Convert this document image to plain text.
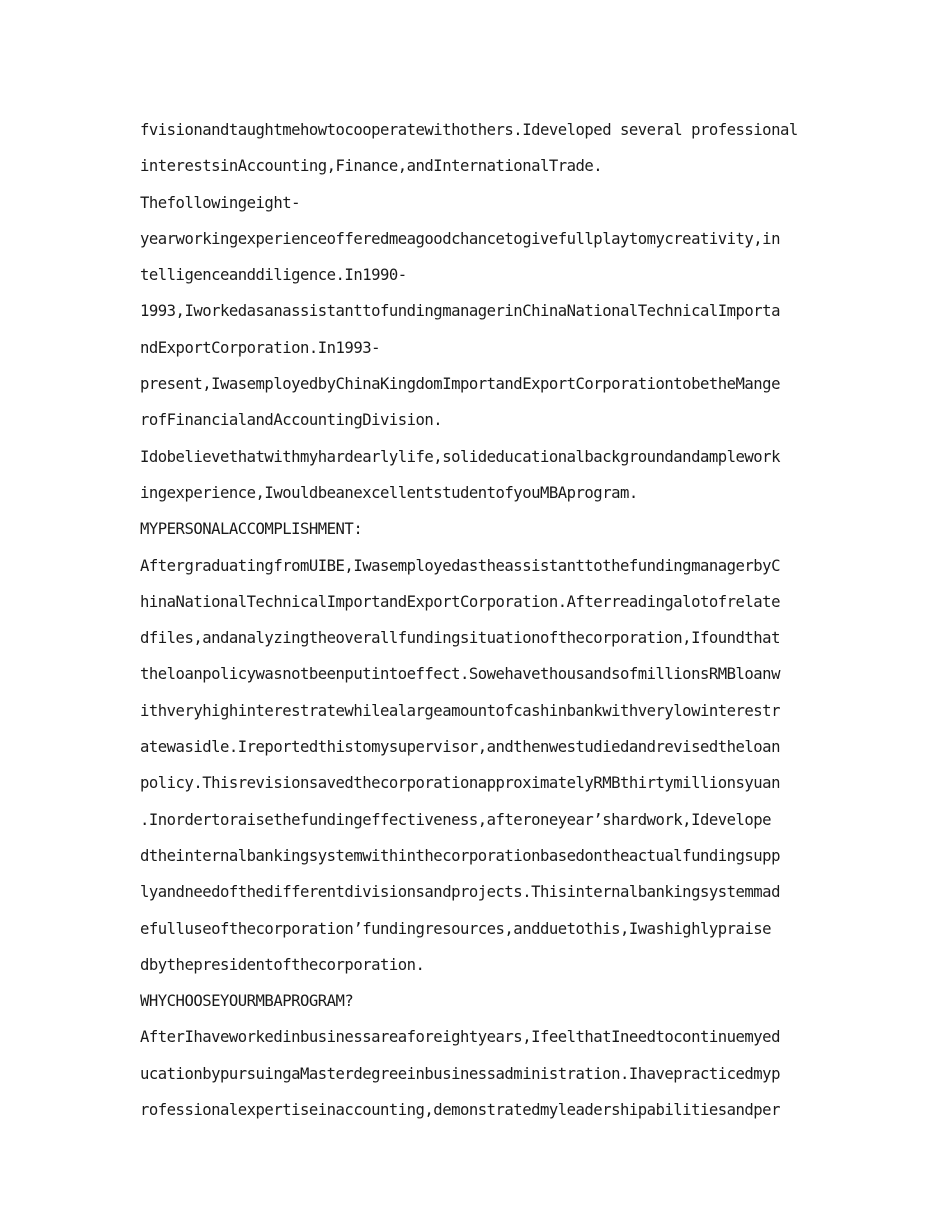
fvisionandtaughtmehowtocooperatewithothers.Ideveloped several professional
interestsinAccounting,Finance,andInternationalTrade.
Thefollowingeight-
yearworkingexperienceofferedmeagoodchancetogivefullplaytomycreativity,in
telligenceanddiligence.In1990-
1993,IworkedasanassistanttofundingmanagerinChinaNationalTechnicalImporta
ndExportCorporation.In1993-
present,IwasemployedbyChinaKingdomImportandExportCorporationtobetheMange
rofFinancialandAccountingDivision.
Idobelievethatwithmyhardearlylife,solideducationalbackgroundandamplework
ingexperience,IwouldbeanexcellentstudentofyouMBAprogram.
MYPERSONALACCOMPLISHMENT:
AftergraduatingfromUIBE,IwasemployedastheassistanttothefundingmanagerbyC
hinaNationalTechnicalImportandExportCorporation.Afterreadingalotofrelate
dfiles,andanalyzingtheoverallfundingsituationofthecorporation,Ifoundthat
theloanpolicywasnotbeenputintoeffect.SowehavethousandsofmillionsRMBloanw
ithveryhighinterestratewhilealargeamountofcashinbankwithverylowinterestr
atewasidle.Ireportedthistomysupervisor,andthenwestudiedandrevisedtheloan
policy.ThisrevisionsavedthecorporationapproximatelyRMBthirtymillionsyuan
.Inordertoraisethefundingeffectiveness,afteroneyear’shardwork,Idevelope
dtheinternalbankingsystemwithinthecorporationbasedontheactualfundingsupp
lyandneedofthedifferentdivisionsandprojects.Thisinternalbankingsystemmad
efulluseofthecorporation’fundingresources,andduetothis,Iwashighlypraise
dbythepresidentofthecorporation.
WHYCHOOSEYOURMBAPROGRAM?
AfterIhaveworkedinbusinessareaforeightyears,IfeelthatIneedtocontinuemyed
ucationbypursuingaMasterdegreeinbusinessadministration.Ihavepracticedmyp
rofessionalexpertiseinaccounting,demonstratedmyleadershipabilitiesandper
